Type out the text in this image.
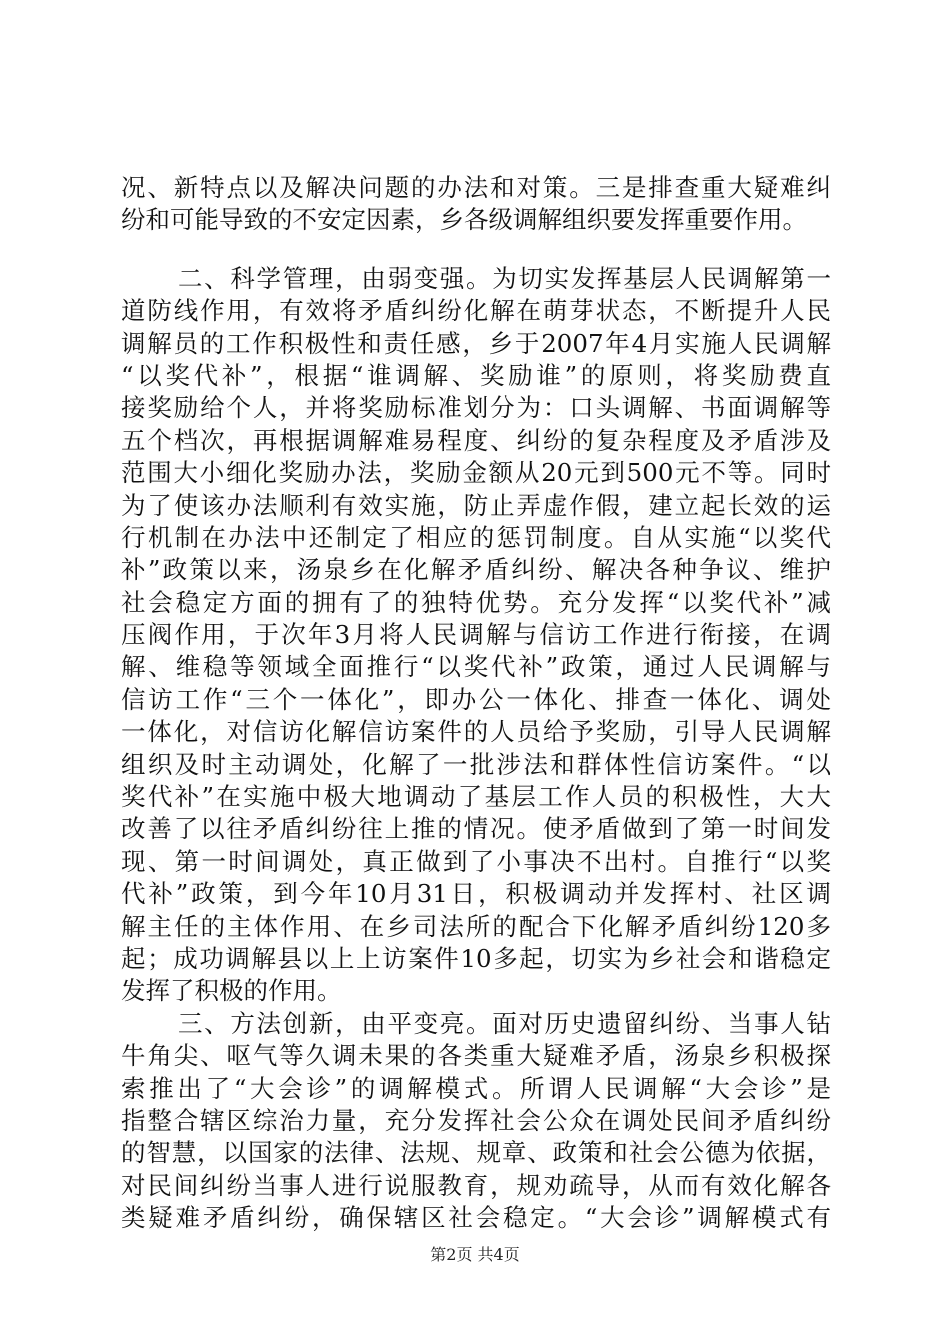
况、新特点以及解决问题的办法和对策。三是排查重大疑难纠
纷和可能导致的不安定因素，乡各级调解组织要发挥重要作用。
二、科学管理，由弱变强。为切实发挥基层人民调解第一
道防线作用，有效将矛盾纠纷化解在萌芽状态，不断提升人民
调解员的工作积极性和责任感，乡于2007年4月实施人民调解
“以奖代补”，根据“谁调解、奖励谁”的原则，将奖励费直
接奖励给个人，并将奖励标准划分为：口头调解、书面调解等
五个档次，再根据调解难易程度、纠纷的复杂程度及矛盾涉及
范围大小细化奖励办法，奖励金额从20元到500元不等。同时
为了使该办法顺利有效实施，防止弄虚作假，建立起长效的运
行机制在办法中还制定了相应的惩罚制度。自从实施“以奖代
补”政策以来，汤泉乡在化解矛盾纠纷、解决各种争议、维护
社会稳定方面的拥有了的独特优势。充分发挥“以奖代补”减
压阀作用，于次年3月将人民调解与信访工作进行衔接，在调
解、维稳等领域全面推行“以奖代补”政策，通过人民调解与
信访工作“三个一体化”，即办公一体化、排查一体化、调处
一体化，对信访化解信访案件的人员给予奖励，引导人民调解
组织及时主动调处，化解了一批涉法和群体性信访案件。“以
奖代补”在实施中极大地调动了基层工作人员的积极性，大大
改善了以往矛盾纠纷往上推的情况。使矛盾做到了第一时间发
现、第一时间调处，真正做到了小事决不出村。自推行“以奖
代补”政策，到今年10月31日，积极调动并发挥村、社区调
解主任的主体作用、在乡司法所的配合下化解矛盾纠纷120多
起；成功调解县以上上访案件10多起，切实为乡社会和谐稳定
发挥了积极的作用。
三、方法创新，由平变亮。面对历史遗留纠纷、当事人钻
牛角尖、呕气等久调未果的各类重大疑难矛盾，汤泉乡积极探
索推出了“大会诊”的调解模式。所谓人民调解“大会诊”是
指整合辖区综治力量，充分发挥社会公众在调处民间矛盾纠纷
的智慧，以国家的法律、法规、规章、政策和社会公德为依据，
对民间纠纷当事人进行说服教育，规劝疏导，从而有效化解各
类疑难矛盾纠纷，确保辖区社会稳定。“大会诊”调解模式有
第2页 共4页
